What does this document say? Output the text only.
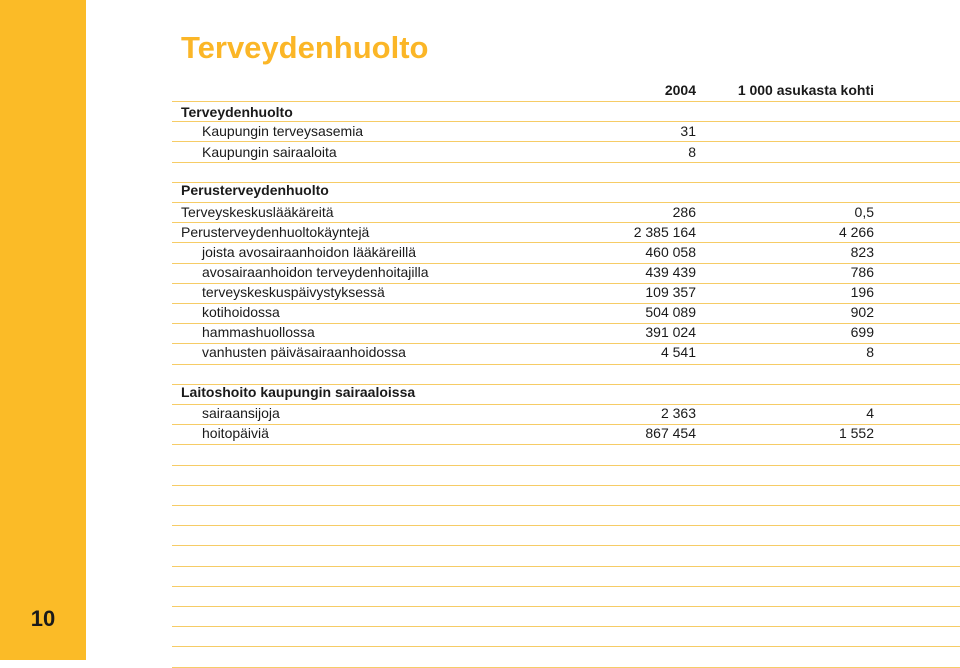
10
Terveydenhuolto
2004	1 000 asukasta kohti
Terveydenhuolto
Kaupungin terveysasemia	31
Kaupungin sairaaloita	8
Perusterveydenhuolto
Terveyskeskuslääkäreitä	286	0,5
Perusterveydenhuoltokäyntejä	2 385 164	4 266
joista avosairaanhoidon lääkäreillä	460 058	823
avosairaanhoidon terveydenhoitajilla	439 439	786
terveyskeskuspäivystyksessä	109 357	196
kotihoidossa	504 089	902
hammashuollossa	391 024	699
vanhusten päiväsairaanhoidossa	4 541	8
Laitoshoito kaupungin sairaaloissa
sairaansijoja	2 363	4
hoitopäiviä	867 454	1 552
